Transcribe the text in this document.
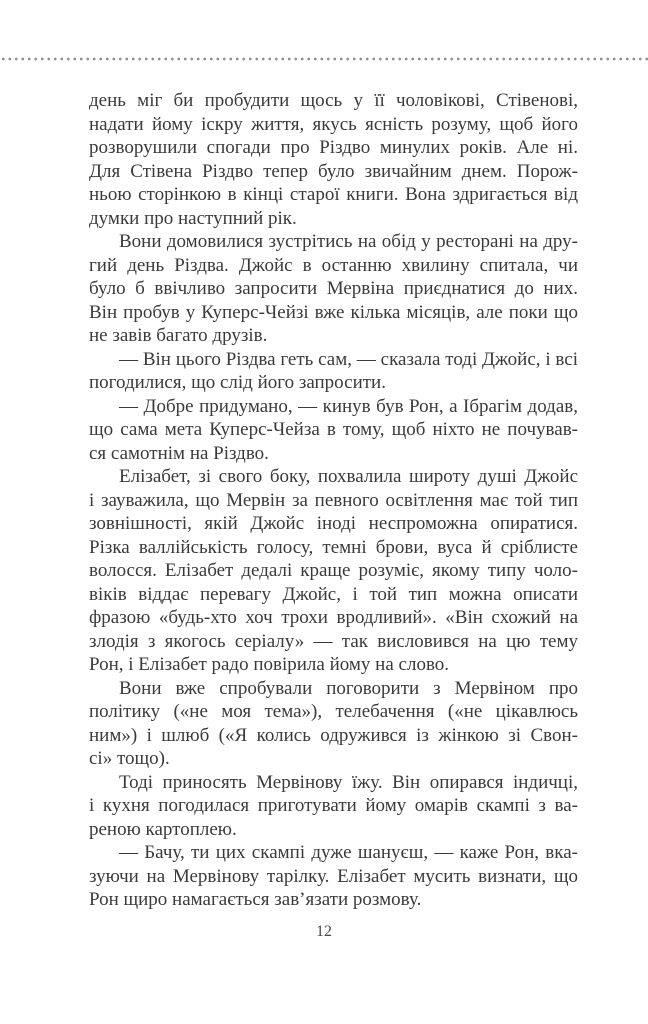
день міг би пробудити щось у її чоловікові, Стівенові,
надати йому іскру життя, якусь ясність розуму, щоб його
розворушили спогади про Різдво минулих років. Але ні.
Для Стівена Різдво тепер було звичайним днем. Порож-
ньою сторінкою в кінці старої книги. Вона здригається від
думки про наступний рік.
Вони домовилися зустрітись на обід у ресторані на дру-
гий день Різдва. Джойс в останню хвилину спитала, чи
було б ввічливо запросити Мервіна приєднатися до них.
Він пробув у Куперс-Чейзі вже кілька місяців, але поки що
не завів багато друзів.
— Він цього Різдва геть сам, — сказала тоді Джойс, і всі
погодилися, що слід його запросити.
— Добре придумано, — кинув був Рон, а Ібрагім додав,
що сама мета Куперс-Чейза в тому, щоб ніхто не почував-
ся самотнім на Різдво.
Елізабет, зі свого боку, похвалила широту душі Джойс
і зауважила, що Мервін за певного освітлення має той тип
зовнішності, якій Джойс іноді неспроможна опиратися.
Різка валлійськість голосу, темні брови, вуса й сріблисте
волосся. Елізабет дедалі краще розуміє, якому типу чоло-
віків віддає перевагу Джойс, і той тип можна описати
фразою «будь-хто хоч трохи вродливий». «Він схожий на
злодія з якогось серіалу» — так висловився на цю тему
Рон, і Елізабет радо повірила йому на слово.
Вони вже спробували поговорити з Мервіном про
політику («не моя тема»), телебачення («не цікавлюсь
ним») і шлюб («Я колись одружився із жінкою зі Свон-
сі» тощо).
Тоді приносять Мервінову їжу. Він опирався індичці,
і кухня погодилася приготувати йому омарів скампі з ва-
реною картоплею.
— Бачу, ти цих скампі дуже шануєш, — каже Рон, вка-
зуючи на Мервінову тарілку. Елізабет мусить визнати, що
Рон щиро намагається зав’язати розмову.
12
